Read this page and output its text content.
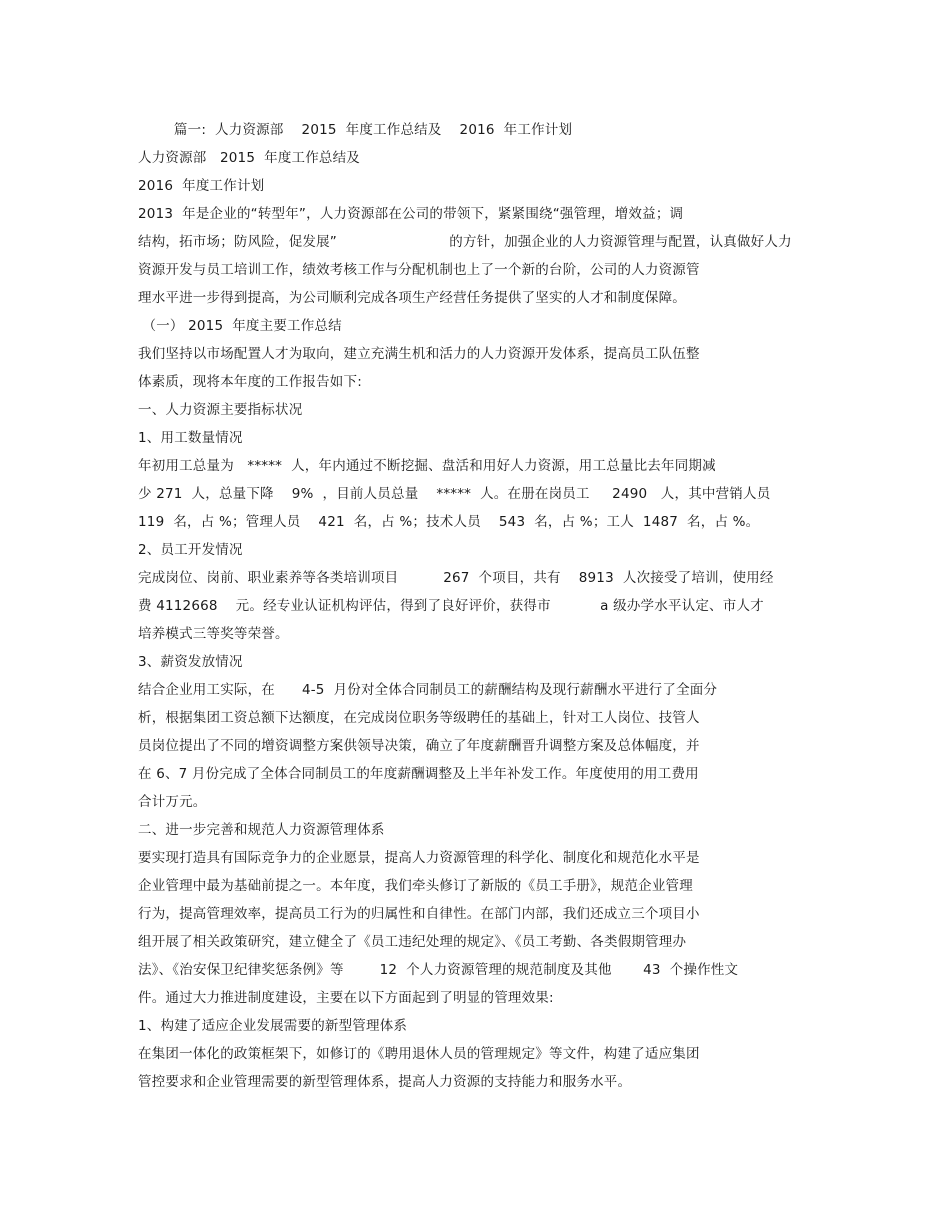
篇一:  人力资源部    2015  年度工作总结及    2016  年工作计划
人力资源部   2015  年度工作总结及
2016  年度工作计划
2013  年是企业的“转型年”，人力资源部在公司的带领下，紧紧围绕“强管理，增效益；调
结构，拓市场；防风险，促发展”                         的方针，加强企业的人力资源管理与配置，认真做好人力
资源开发与员工培训工作，绩效考核工作与分配机制也上了一个新的台阶，公司的人力资源管
理水平进一步得到提高，为公司顺利完成各项生产经营任务提供了坚实的人才和制度保障。
（一） 2015  年度主要工作总结
我们坚持以市场配置人才为取向，建立充满生机和活力的人力资源开发体系，提高员工队伍整
体素质，现将本年度的工作报告如下:
一、人力资源主要指标状况
1、用工数量情况
年初用工总量为   *****  人，年内通过不断挖掘、盘活和用好人力资源，用工总量比去年同期减
少 271  人，总量下降    9%  ，目前人员总量    *****  人。在册在岗员工     2490   人，其中营销人员
119  名，占 %；管理人员    421  名，占 %；技术人员    543  名，占 %；工人  1487  名，占 %。
2、员工开发情况
完成岗位、岗前、职业素养等各类培训项目          267  个项目，共有    8913  人次接受了培训，使用经
费 4112668    元。经专业认证机构评估，得到了良好评价，获得市           a 级办学水平认定、市人才
培养模式三等奖等荣誉。
3、薪资发放情况
结合企业用工实际，在      4-5  月份对全体合同制员工的薪酬结构及现行薪酬水平进行了全面分
析，根据集团工资总额下达额度，在完成岗位职务等级聘任的基础上，针对工人岗位、技管人
员岗位提出了不同的增资调整方案供领导决策，确立了年度薪酬晋升调整方案及总体幅度，并
在 6、7 月份完成了全体合同制员工的年度薪酬调整及上半年补发工作。年度使用的用工费用
合计万元。
二、进一步完善和规范人力资源管理体系
要实现打造具有国际竞争力的企业愿景，提高人力资源管理的科学化、制度化和规范化水平是
企业管理中最为基础前提之一。本年度，我们牵头修订了新版的《员工手册》，规范企业管理
行为，提高管理效率，提高员工行为的归属性和自律性。在部门内部，我们还成立三个项目小
组开展了相关政策研究，建立健全了《员工违纪处理的规定》、《员工考勤、各类假期管理办
法》、《治安保卫纪律奖惩条例》等        12  个人力资源管理的规范制度及其他       43  个操作性文
件。通过大力推进制度建设，主要在以下方面起到了明显的管理效果:
1、构建了适应企业发展需要的新型管理体系
在集团一体化的政策框架下，如修订的《聘用退休人员的管理规定》等文件，构建了适应集团
管控要求和企业管理需要的新型管理体系，提高人力资源的支持能力和服务水平。
